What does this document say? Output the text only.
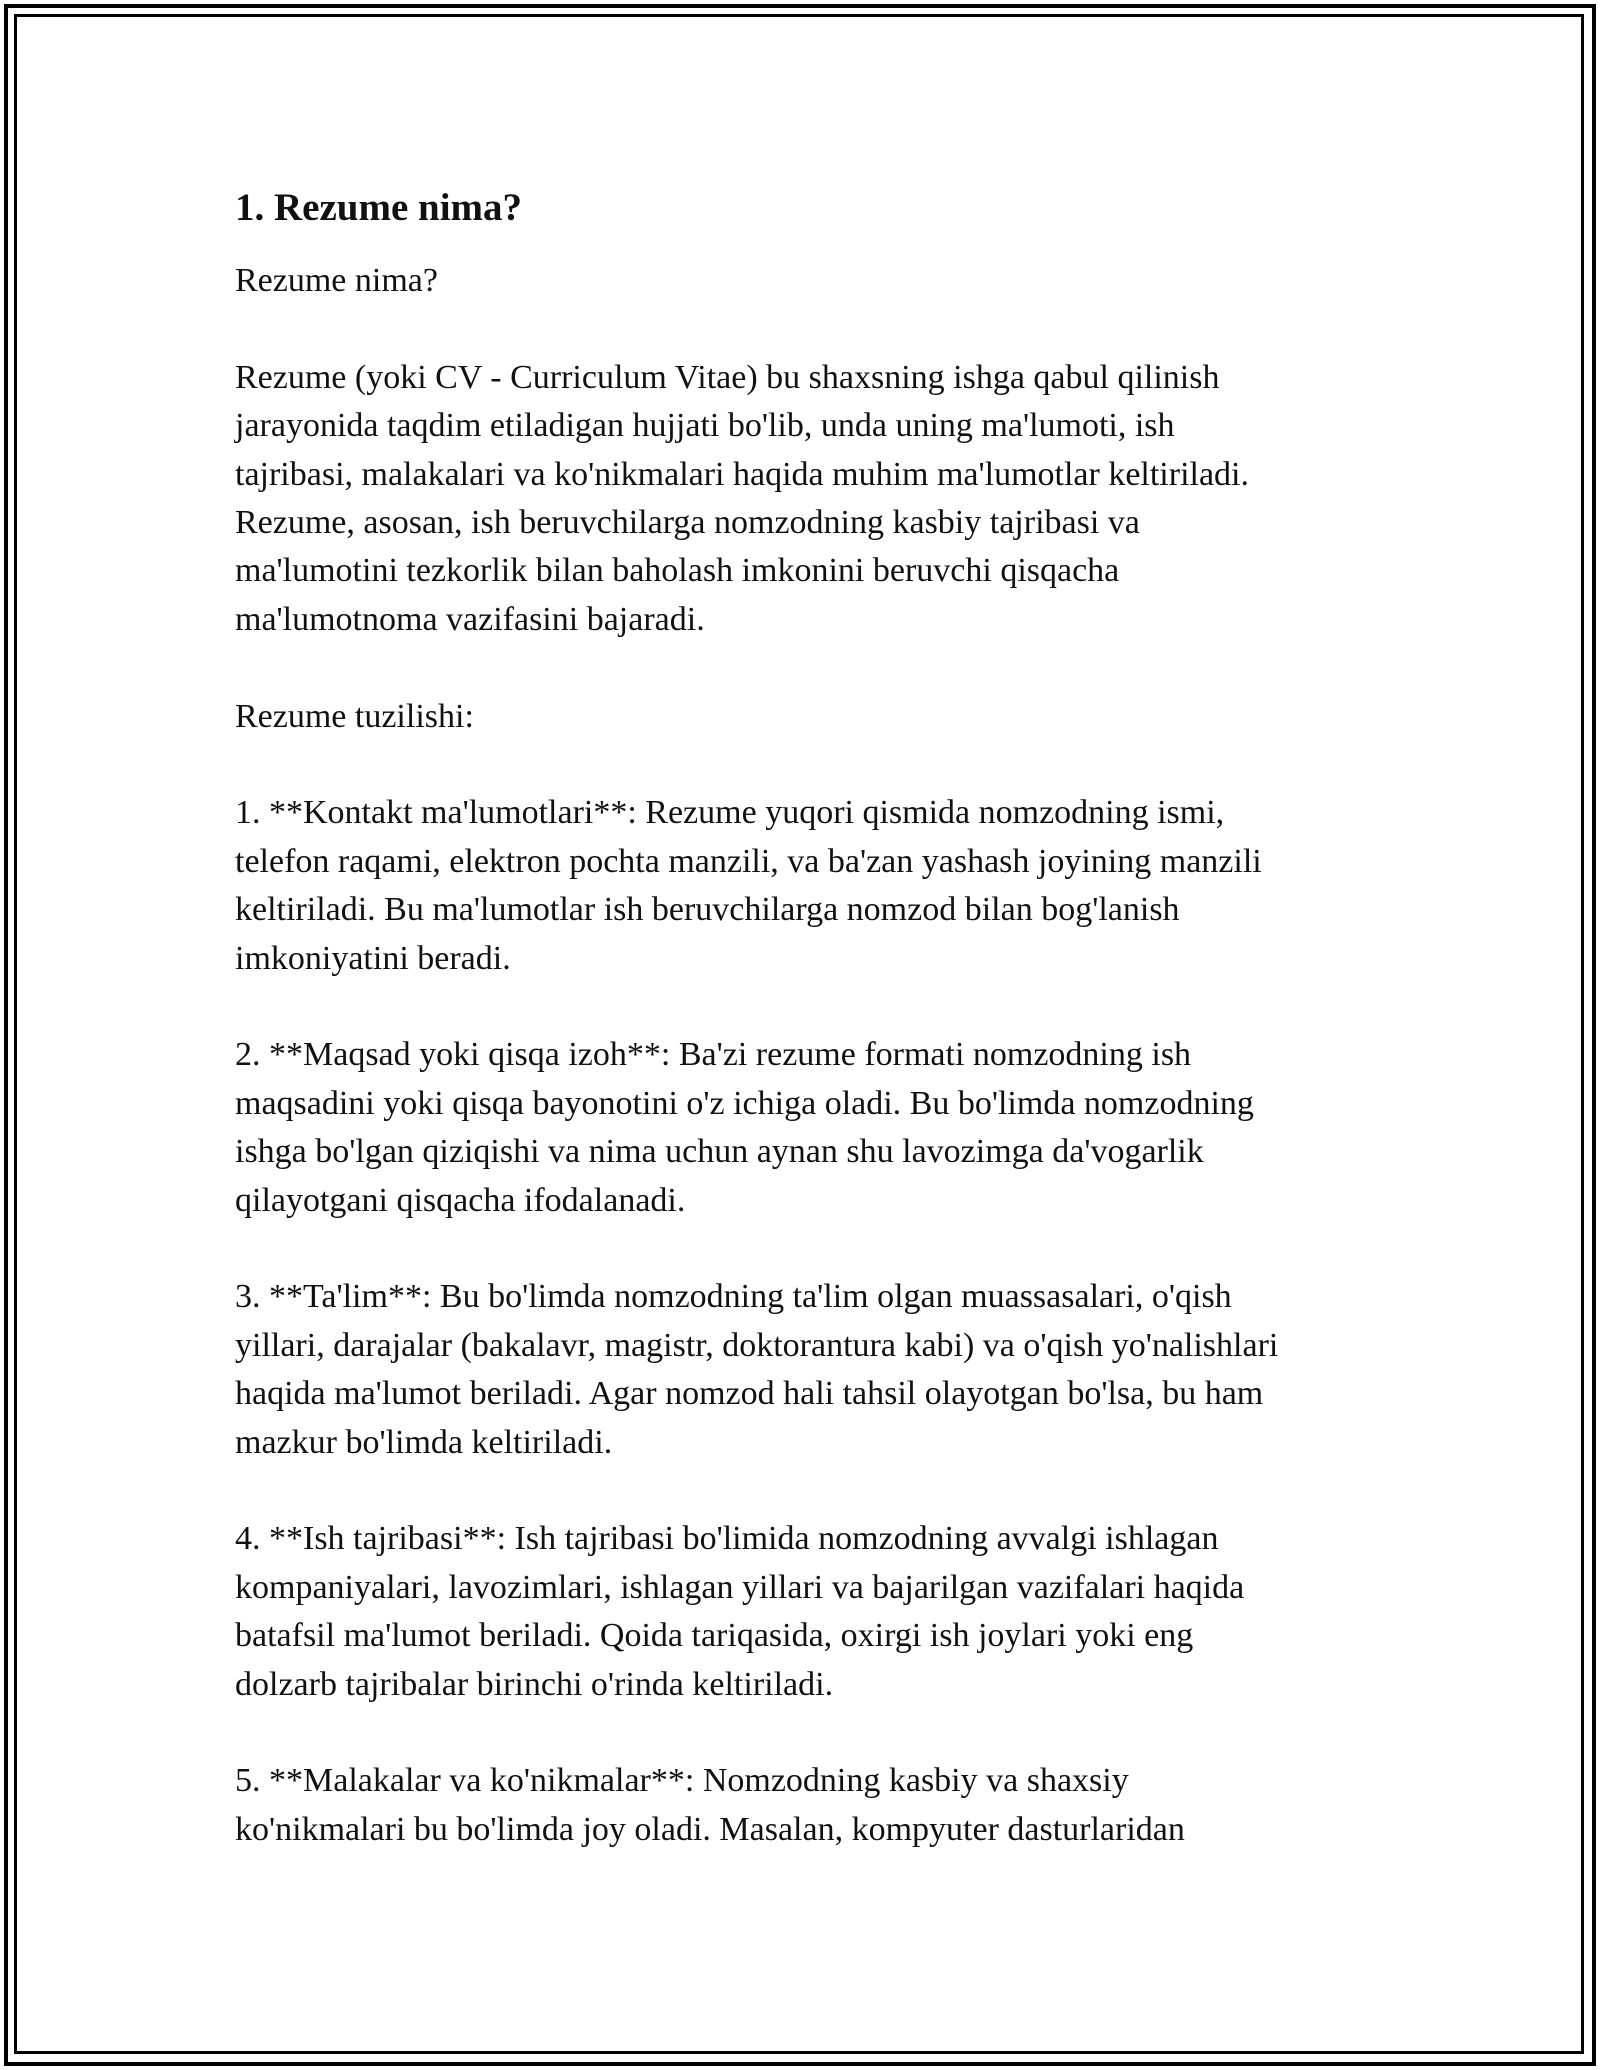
1. Rezume nima?

Rezume nima?

Rezume (yoki CV - Curriculum Vitae) bu shaxsning ishga qabul qilinish
jarayonida taqdim etiladigan hujjati bo'lib, unda uning ma'lumoti, ish
tajribasi, malakalari va ko'nikmalari haqida muhim ma'lumotlar keltiriladi.
Rezume, asosan, ish beruvchilarga nomzodning kasbiy tajribasi va
ma'lumotini tezkorlik bilan baholash imkonini beruvchi qisqacha
ma'lumotnoma vazifasini bajaradi.

Rezume tuzilishi:

1. **Kontakt ma'lumotlari**: Rezume yuqori qismida nomzodning ismi,
telefon raqami, elektron pochta manzili, va ba'zan yashash joyining manzili
keltiriladi. Bu ma'lumotlar ish beruvchilarga nomzod bilan bog'lanish
imkoniyatini beradi.

2. **Maqsad yoki qisqa izoh**: Ba'zi rezume formati nomzodning ish
maqsadini yoki qisqa bayonotini o'z ichiga oladi. Bu bo'limda nomzodning
ishga bo'lgan qiziqishi va nima uchun aynan shu lavozimga da'vogarlik
qilayotgani qisqacha ifodalanadi.

3. **Ta'lim**: Bu bo'limda nomzodning ta'lim olgan muassasalari, o'qish
yillari, darajalar (bakalavr, magistr, doktorantura kabi) va o'qish yo'nalishlari
haqida ma'lumot beriladi. Agar nomzod hali tahsil olayotgan bo'lsa, bu ham
mazkur bo'limda keltiriladi.

4. **Ish tajribasi**: Ish tajribasi bo'limida nomzodning avvalgi ishlagan
kompaniyalari, lavozimlari, ishlagan yillari va bajarilgan vazifalari haqida
batafsil ma'lumot beriladi. Qoida tariqasida, oxirgi ish joylari yoki eng
dolzarb tajribalar birinchi o'rinda keltiriladi.

5. **Malakalar va ko'nikmalar**: Nomzodning kasbiy va shaxsiy
ko'nikmalari bu bo'limda joy oladi. Masalan, kompyuter dasturlaridan
